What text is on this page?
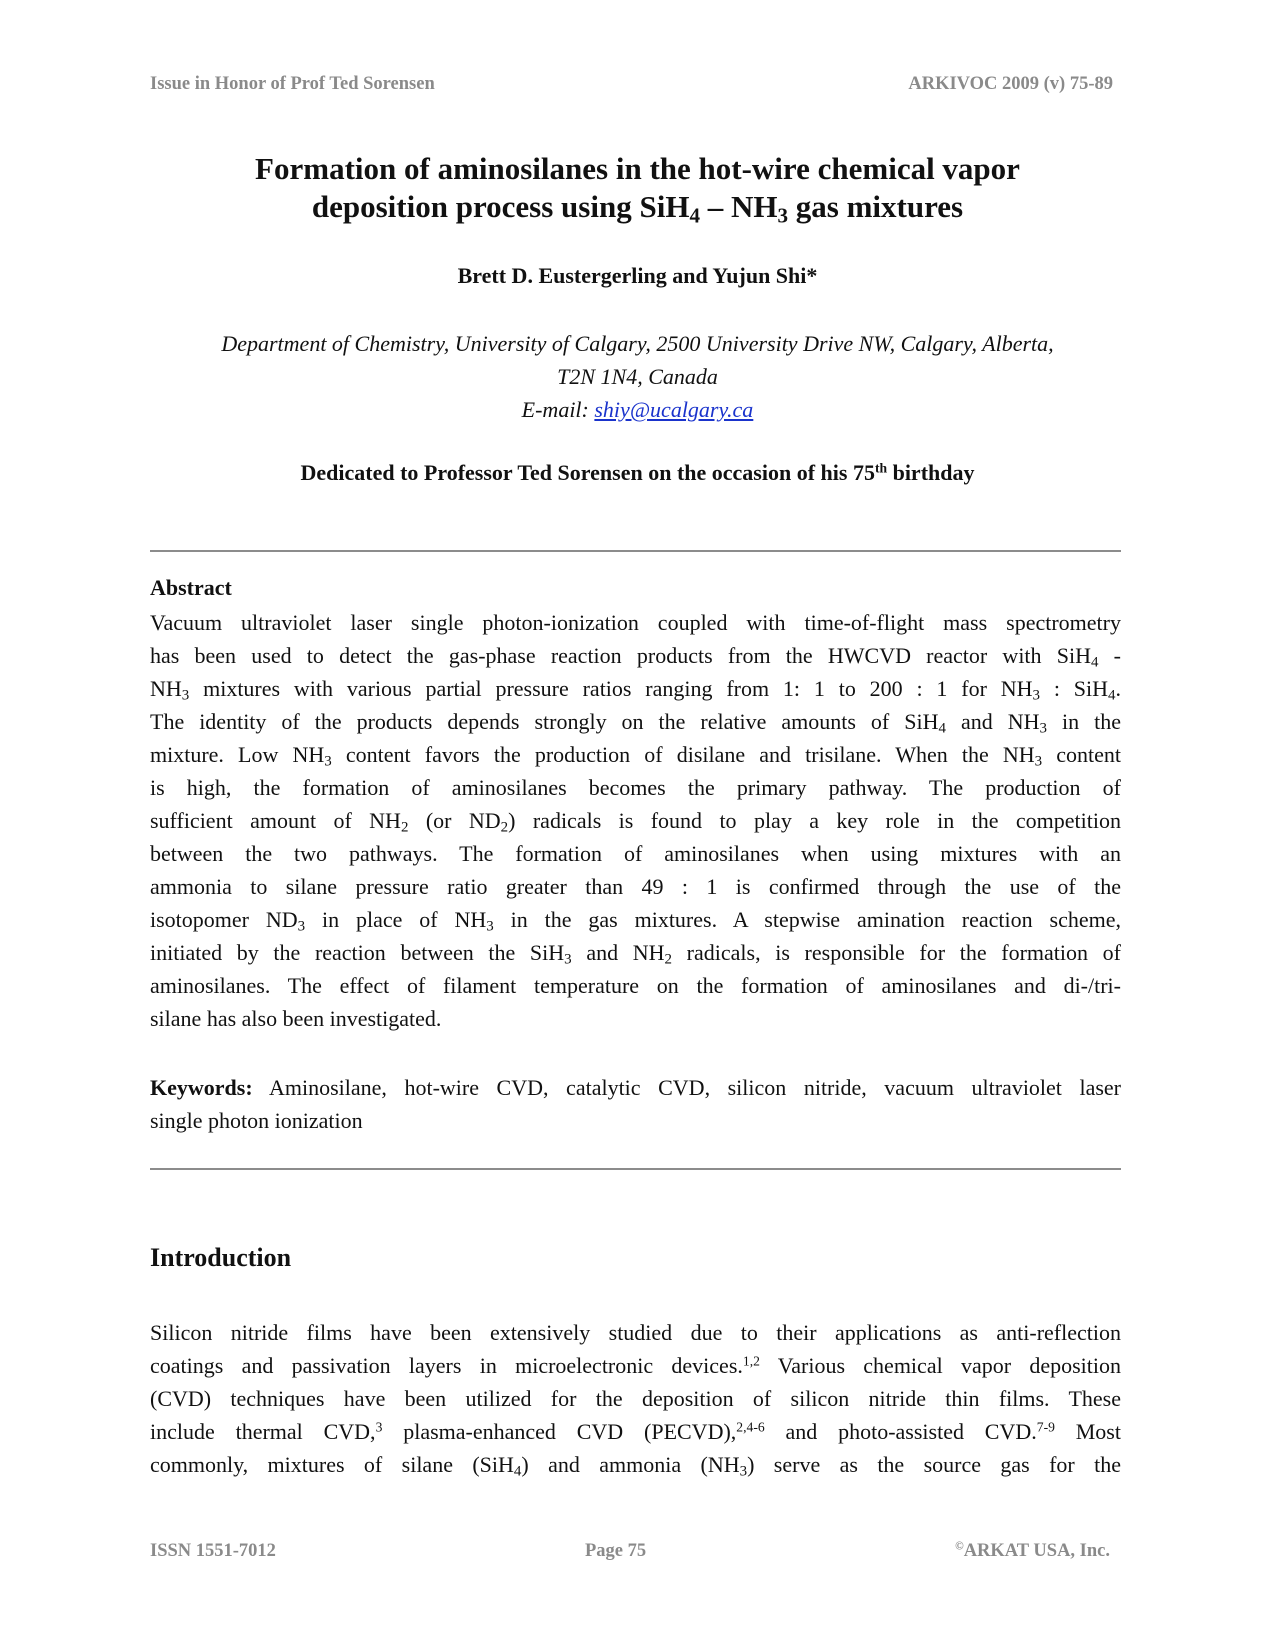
Issue in Honor of Prof Ted Sorensen	ARKIVOC 2009 (v) 75-89
Formation of aminosilanes in the hot-wire chemical vapor
deposition process using $SiH_4 - NH_3$ gas mixtures
Brett D. Eustergerling and Yujun Shi*
Department of Chemistry, University of Calgary, 2500 University Drive NW, Calgary, Alberta,
T2N 1N4, Canada
E-mail: shiy@ucalgary.ca
Dedicated to Professor Ted Sorensen on the occasion of his 75th birthday
Abstract
Vacuum ultraviolet laser single photon-ionization coupled with time-of-flight mass spectrometry
has been used to detect the gas-phase reaction products from the HWCVD reactor with SiH$_4$ -
$NH_3$ mixtures with various partial pressure ratios ranging from 1: 1 to 200 : 1 for $NH_3$ : SiH$_4$.
The identity of the products depends strongly on the relative amounts of SiH$_4$ and $NH_3$ in the
mixture. Low $NH_3$ content favors the production of disilane and trisilane. When the $NH_3$ content
is high, the formation of aminosilanes becomes the primary pathway. The production of
sufficient amount of $NH_2$ (or $ND_2$) radicals is found to play a key role in the competition
between the two pathways. The formation of aminosilanes when using mixtures with an
ammonia to silane pressure ratio greater than 49 : 1 is confirmed through the use of the
isotopomer $ND_3$ in place of $NH_3$ in the gas mixtures. A stepwise amination reaction scheme,
initiated by the reaction between the SiH$_3$ and $NH_2$ radicals, is responsible for the formation of
aminosilanes. The effect of filament temperature on the formation of aminosilanes and di-/tri-
silane has also been investigated.
Keywords: Aminosilane, hot-wire CVD, catalytic CVD, silicon nitride, vacuum ultraviolet laser
single photon ionization
Introduction
Silicon nitride films have been extensively studied due to their applications as anti-reflection
coatings and passivation layers in microelectronic devices.$^{1,2}$ Various chemical vapor deposition
(CVD) techniques have been utilized for the deposition of silicon nitride thin films. These
include thermal CVD,$^3$ plasma-enhanced CVD (PECVD),$^{2,4-6}$ and photo-assisted CVD.$^{7-9}$ Most
commonly, mixtures of silane (SiH$_4$) and ammonia $(NH_3)$ serve as the source gas for the
ISSN 1551-7012	Page 75	©ARKAT USA, Inc.
